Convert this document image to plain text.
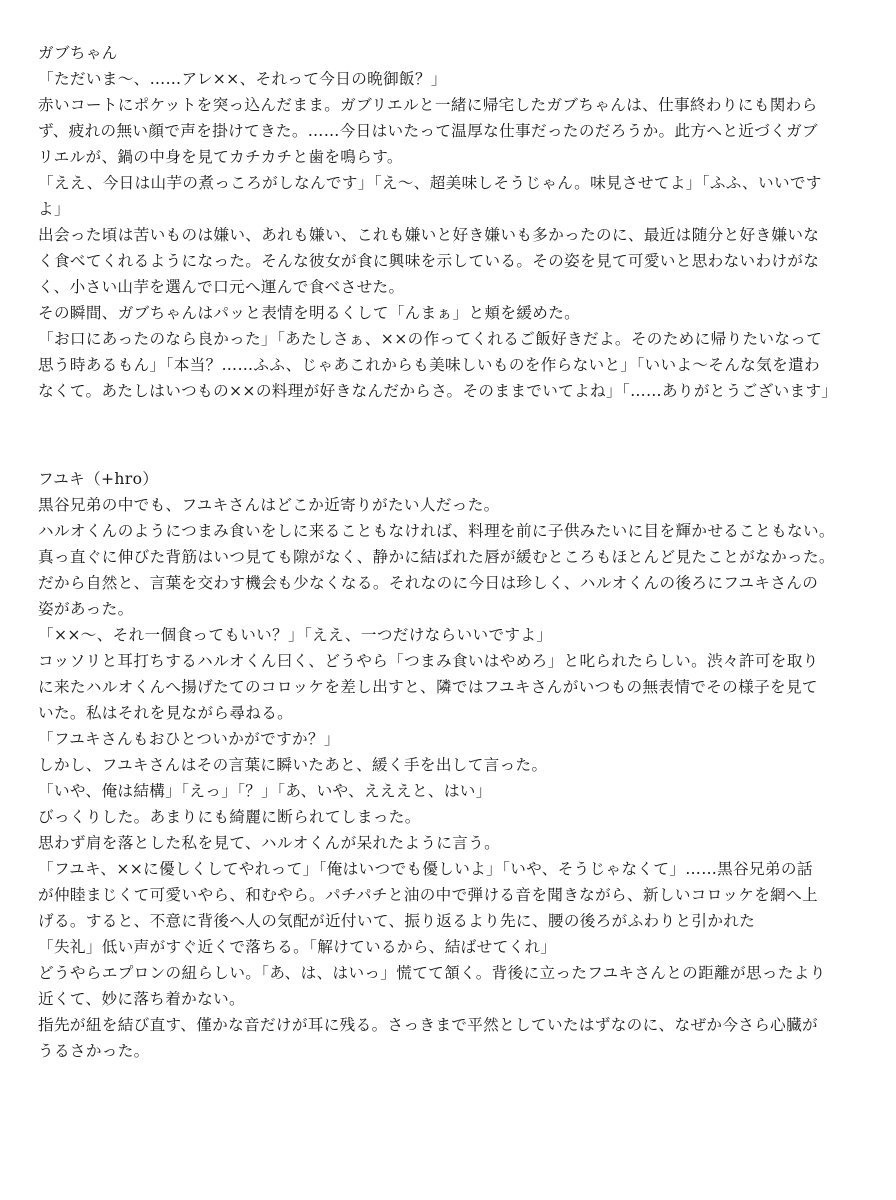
ガブちゃん

「ただいま〜、……アレ××、それって今日の晩御飯？」

赤いコートにポケットを突っ込んだまま。ガブリエルと一緒に帰宅したガブちゃんは、仕事終わりにも関わら

ず、疲れの無い顔で声を掛けてきた。……今日はいたって温厚な仕事だったのだろうか。此方へと近づくガブ

リエルが、鍋の中身を見てカチカチと歯を鳴らす。

「ええ、今日は山芋の煮っころがしなんです」「え〜、超美味しそうじゃん。味見させてよ」「ふふ、いいです

よ」

出会った頃は苦いものは嫌い、あれも嫌い、これも嫌いと好き嫌いも多かったのに、最近は随分と好き嫌いな

く食べてくれるようになった。そんな彼女が食に興味を示している。その姿を見て可愛いと思わないわけがな

く、小さい山芋を選んで口元へ運んで食べさせた。

その瞬間、ガブちゃんはパッと表情を明るくして「んまぁ」と頬を緩めた。

「お口にあったのなら良かった」「あたしさぁ、××の作ってくれるご飯好きだよ。そのために帰りたいなって

思う時あるもん」「本当？……ふふ、じゃあこれからも美味しいものを作らないと」「いいよ〜そんな気を遣わ

なくて。あたしはいつもの××の料理が好きなんだからさ。そのままでいてよね」「……ありがとうございます」

フユキ（+hro）

黒谷兄弟の中でも、フユキさんはどこか近寄りがたい人だった。

ハルオくんのようにつまみ食いをしに来ることもなければ、料理を前に子供みたいに目を輝かせることもない。

真っ直ぐに伸びた背筋はいつ見ても隙がなく、静かに結ばれた唇が緩むところもほとんど見たことがなかった。

だから自然と、言葉を交わす機会も少なくなる。それなのに今日は珍しく、ハルオくんの後ろにフユキさんの

姿があった。

「××〜、それ一個食ってもいい？」「ええ、一つだけならいいですよ」

コッソリと耳打ちするハルオくん曰く、どうやら「つまみ食いはやめろ」と叱られたらしい。渋々許可を取り

に来たハルオくんへ揚げたてのコロッケを差し出すと、隣ではフユキさんがいつもの無表情でその様子を見て

いた。私はそれを見ながら尋ねる。

「フユキさんもおひとついかがですか？」

しかし、フユキさんはその言葉に瞬いたあと、緩く手を出して言った。

「いや、俺は結構」「えっ」「？」「あ、いや、えええと、はい」

びっくりした。あまりにも綺麗に断られてしまった。

思わず肩を落とした私を見て、ハルオくんが呆れたように言う。

「フユキ、××に優しくしてやれって」「俺はいつでも優しいよ」「いや、そうじゃなくて」……黒谷兄弟の話

が仲睦まじくて可愛いやら、和むやら。パチパチと油の中で弾ける音を聞きながら、新しいコロッケを網へ上

げる。すると、不意に背後へ人の気配が近付いて、振り返るより先に、腰の後ろがふわりと引かれた

「失礼」低い声がすぐ近くで落ちる。「解けているから、結ばせてくれ」

どうやらエプロンの紐らしい。「あ、は、はいっ」慌てて頷く。背後に立ったフユキさんとの距離が思ったより

近くて、妙に落ち着かない。

指先が紐を結び直す、僅かな音だけが耳に残る。さっきまで平然としていたはずなのに、なぜか今さら心臓が

うるさかった。
